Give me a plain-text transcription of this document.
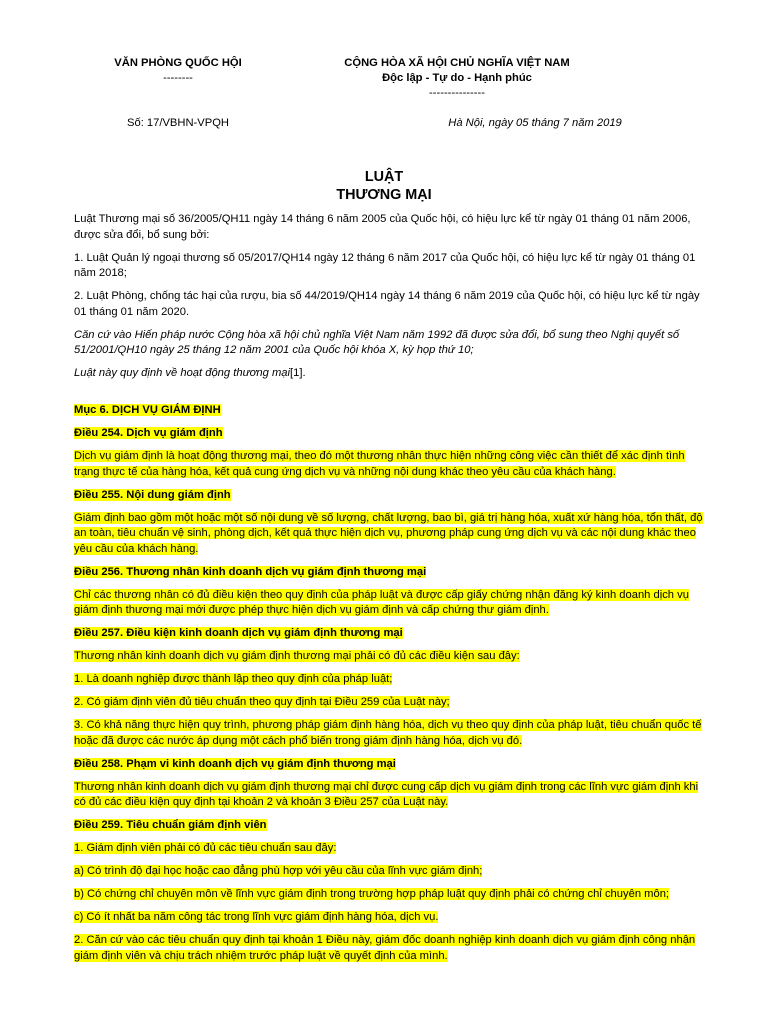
VĂN PHÒNG QUỐC HỘI
--------
CỘNG HÒA XÃ HỘI CHỦ NGHĨA VIỆT NAM
Độc lập - Tự do - Hạnh phúc
---------------
Số: 17/VBHN-VPQH	Hà Nội, ngày 05 tháng 7 năm 2019
LUẬT
THƯƠNG MẠI

Luật Thương mại số 36/2005/QH11 ngày 14 tháng 6 năm 2005 của Quốc hội, có hiệu lực kể từ ngày 01 tháng 01 năm 2006, được sửa đổi, bổ sung bởi:

1. Luật Quản lý ngoại thương số 05/2017/QH14 ngày 12 tháng 6 năm 2017 của Quốc hội, có hiệu lực kể từ ngày 01 tháng 01 năm 2018;

2. Luật Phòng, chống tác hại của rượu, bia số 44/2019/QH14 ngày 14 tháng 6 năm 2019 của Quốc hội, có hiệu lực kể từ ngày 01 tháng 01 năm 2020.

Căn cứ vào Hiến pháp nước Cộng hòa xã hội chủ nghĩa Việt Nam năm 1992 đã được sửa đổi, bổ sung theo Nghị quyết số 51/2001/QH10 ngày 25 tháng 12 năm 2001 của Quốc hội khóa X, kỳ họp thứ 10;

Luật này quy định về hoạt động thương mại[1].

Mục 6. DỊCH VỤ GIÁM ĐỊNH

Điều 254. Dịch vụ giám định

Dịch vụ giám định là hoạt động thương mại, theo đó một thương nhân thực hiện những công việc cần thiết để xác định tình trạng thực tế của hàng hóa, kết quả cung ứng dịch vụ và những nội dung khác theo yêu cầu của khách hàng.

Điều 255. Nội dung giám định

Giám định bao gồm một hoặc một số nội dung về số lượng, chất lượng, bao bì, giá trị hàng hóa, xuất xứ hàng hóa, tổn thất, độ an toàn, tiêu chuẩn vệ sinh, phòng dịch, kết quả thực hiện dịch vụ, phương pháp cung ứng dịch vụ và các nội dung khác theo yêu cầu của khách hàng.

Điều 256. Thương nhân kinh doanh dịch vụ giám định thương mại

Chỉ các thương nhân có đủ điều kiện theo quy định của pháp luật và được cấp giấy chứng nhận đăng ký kinh doanh dịch vụ giám định thương mại mới được phép thực hiện dịch vụ giám định và cấp chứng thư giám định.

Điều 257. Điều kiện kinh doanh dịch vụ giám định thương mại

Thương nhân kinh doanh dịch vụ giám định thương mại phải có đủ các điều kiện sau đây:

1. Là doanh nghiệp được thành lập theo quy định của pháp luật;

2. Có giám định viên đủ tiêu chuẩn theo quy định tại Điều 259 của Luật này;

3. Có khả năng thực hiện quy trình, phương pháp giám định hàng hóa, dịch vụ theo quy định của pháp luật, tiêu chuẩn quốc tế hoặc đã được các nước áp dụng một cách phổ biến trong giám định hàng hóa, dịch vụ đó.

Điều 258. Phạm vi kinh doanh dịch vụ giám định thương mại

Thương nhân kinh doanh dịch vụ giám định thương mại chỉ được cung cấp dịch vụ giám định trong các lĩnh vực giám định khi có đủ các điều kiện quy định tại khoản 2 và khoản 3 Điều 257 của Luật này.

Điều 259. Tiêu chuẩn giám định viên

1. Giám định viên phải có đủ các tiêu chuẩn sau đây:

a) Có trình độ đại học hoặc cao đẳng phù hợp với yêu cầu của lĩnh vực giám định;

b) Có chứng chỉ chuyên môn về lĩnh vực giám định trong trường hợp pháp luật quy định phải có chứng chỉ chuyên môn;

c) Có ít nhất ba năm công tác trong lĩnh vực giám định hàng hóa, dịch vụ.

2. Căn cứ vào các tiêu chuẩn quy định tại khoản 1 Điều này, giám đốc doanh nghiệp kinh doanh dịch vụ giám định công nhận giám định viên và chịu trách nhiệm trước pháp luật về quyết định của mình.
